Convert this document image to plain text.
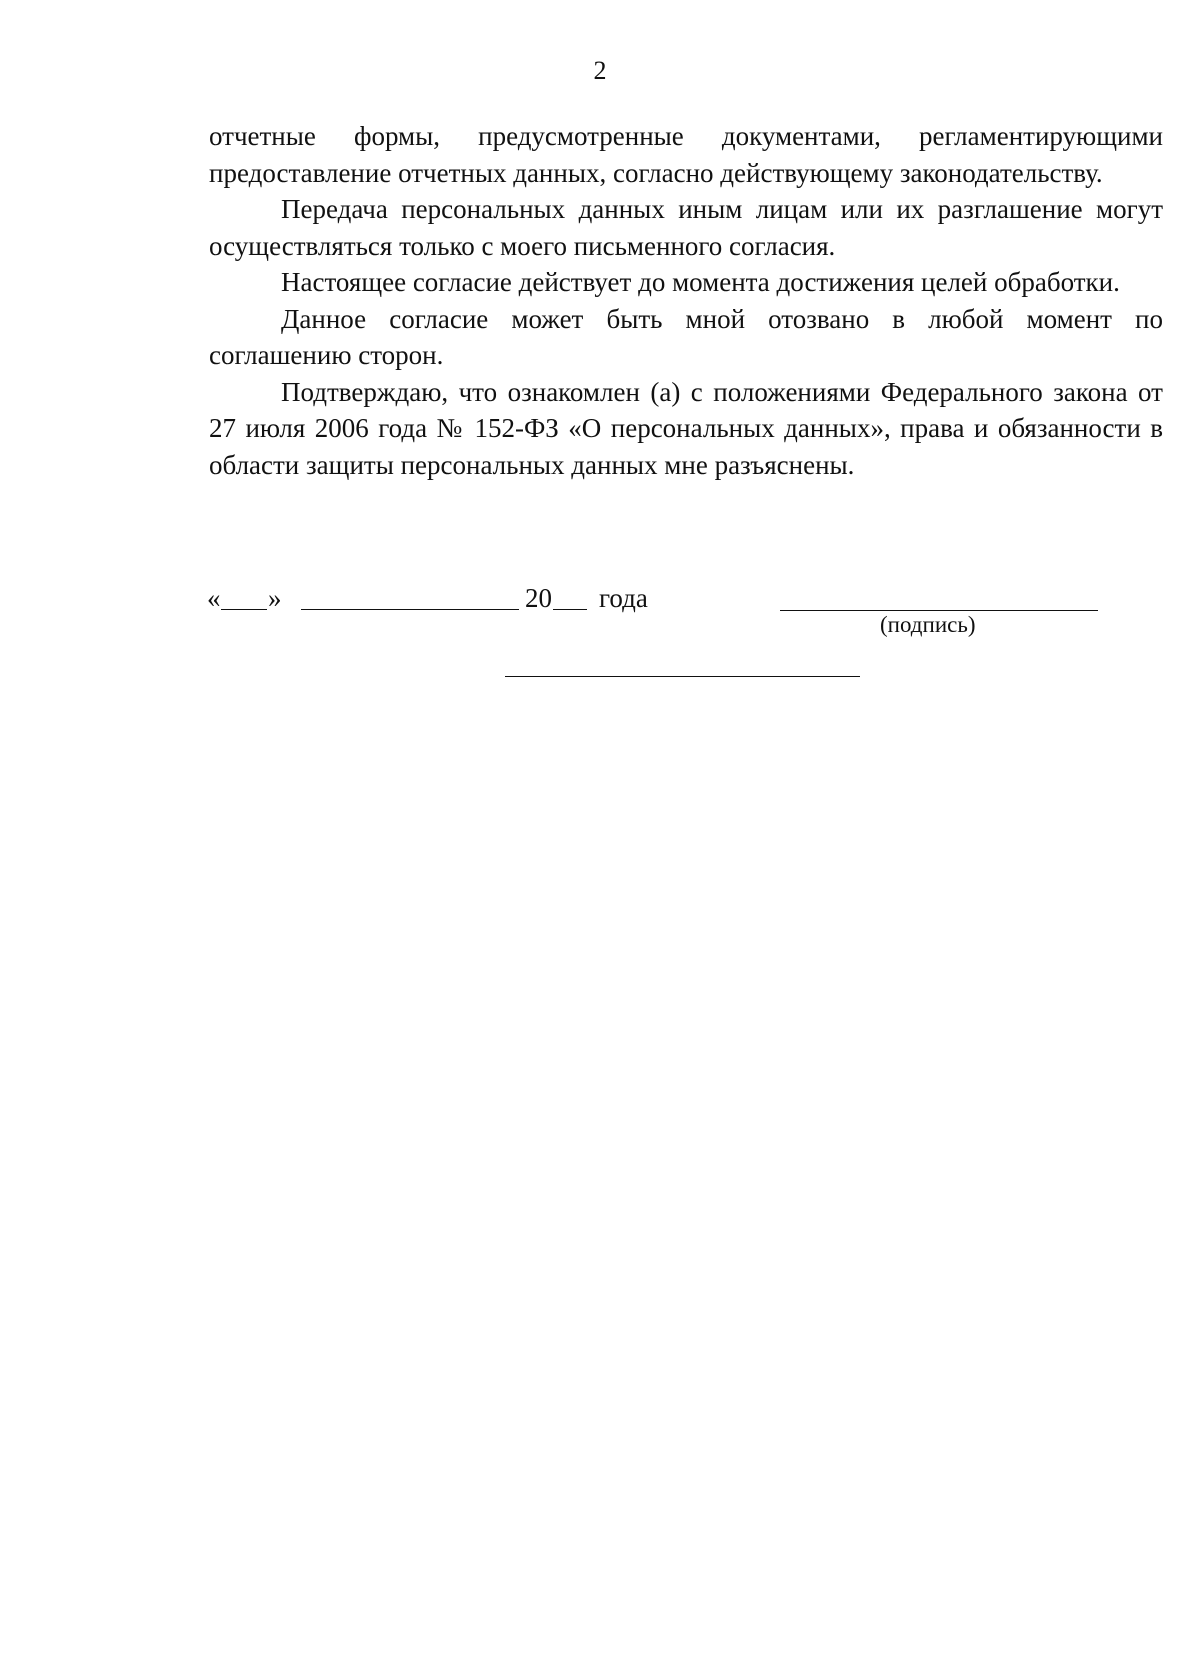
2

отчетные формы, предусмотренные документами, регламентирующими предоставление отчетных данных, согласно действующему законодательству.

Передача персональных данных иным лицам или их разглашение могут осуществляться только с моего письменного согласия.

Настоящее согласие действует до момента достижения целей обработки.

Данное согласие может быть мной отозвано в любой момент по соглашению сторон.

Подтверждаю, что ознакомлен (а) с положениями Федерального закона от 27 июля 2006 года № 152-ФЗ «О персональных данных», права и обязанности в области защиты персональных данных мне разъяснены.

« »	20 года
(подпись)
